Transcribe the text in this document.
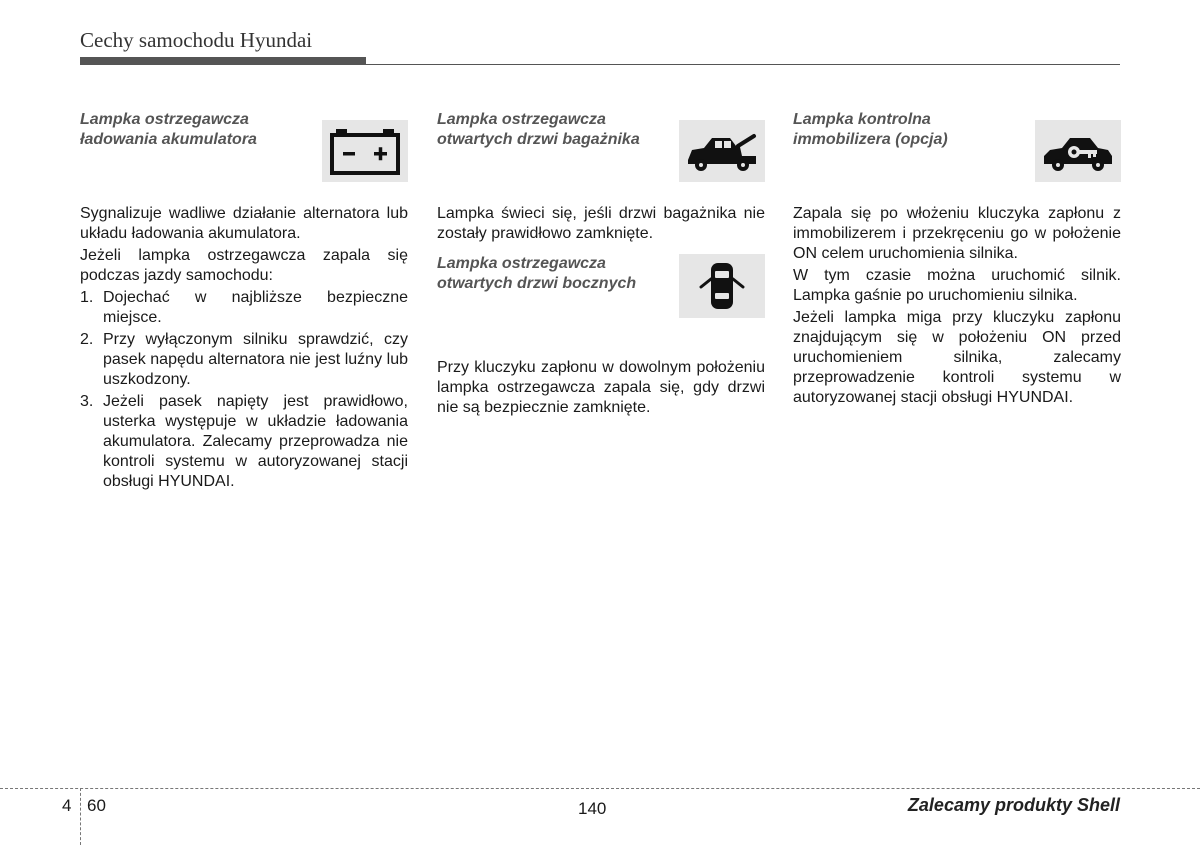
Cechy samochodu Hyundai
Lampka ostrzegawcza
ładowania akumulatora

Sygnalizuje wadliwe działanie alternatora lub układu ładowania akumulatora.

Jeżeli lampka ostrzegawcza zapala się podczas jazdy samochodu:

1. Dojechać w najbliższe bezpieczne miejsce.
2. Przy wyłączonym silniku sprawdzić, czy pasek napędu alternatora nie jest luźny lub uszkodzony.
3. Jeżeli pasek napięty jest prawidłowo, usterka występuje w układzie ładowania akumulatora. Zalecamy przeprowadza nie kontroli systemu w autoryzowanej stacji obsługi HYUNDAI.
Lampka ostrzegawcza
otwartych drzwi bagażnika

Lampka świeci się, jeśli drzwi bagażnika nie zostały prawidłowo zamknięte.

Lampka ostrzegawcza
otwartych drzwi bocznych

Przy kluczyku zapłonu w dowolnym położeniu lampka ostrzegawcza zapala się, gdy drzwi nie są bezpiecznie zamknięte.

Lampka kontrolna
immobilizera (opcja)

Zapala się po włożeniu kluczyka zapłonu z immobilizerem i przekręceniu go w położenie ON celem uruchomienia silnika.

W tym czasie można uruchomić silnik. Lampka gaśnie po uruchomieniu silnika.

Jeżeli lampka miga przy kluczyku zapłonu znajdującym się w położeniu ON przed uruchomieniem silnika, zalecamy przeprowadzenie kontroli systemu w autoryzowanej stacji obsługi HYUNDAI.

4 60	140	Zalecamy produkty Shell
